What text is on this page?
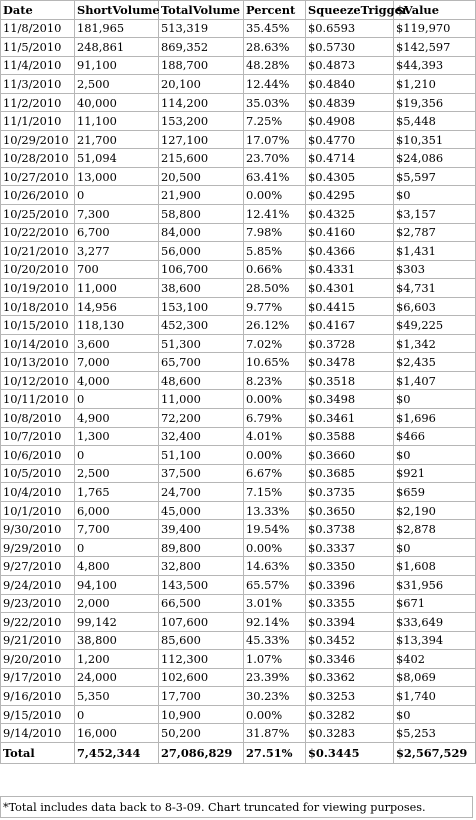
Date	ShortVolume	TotalVolume	Percent	SqueezeTrigger	$Value
11/8/2010	181,965	513,319	35.45%	$0.6593	$119,970
11/5/2010	248,861	869,352	28.63%	$0.5730	$142,597
11/4/2010	91,100	188,700	48.28%	$0.4873	$44,393
11/3/2010	2,500	20,100	12.44%	$0.4840	$1,210
11/2/2010	40,000	114,200	35.03%	$0.4839	$19,356
11/1/2010	11,100	153,200	7.25%	$0.4908	$5,448
10/29/2010	21,700	127,100	17.07%	$0.4770	$10,351
10/28/2010	51,094	215,600	23.70%	$0.4714	$24,086
10/27/2010	13,000	20,500	63.41%	$0.4305	$5,597
10/26/2010	0	21,900	0.00%	$0.4295	$0
10/25/2010	7,300	58,800	12.41%	$0.4325	$3,157
10/22/2010	6,700	84,000	7.98%	$0.4160	$2,787
10/21/2010	3,277	56,000	5.85%	$0.4366	$1,431
10/20/2010	700	106,700	0.66%	$0.4331	$303
10/19/2010	11,000	38,600	28.50%	$0.4301	$4,731
10/18/2010	14,956	153,100	9.77%	$0.4415	$6,603
10/15/2010	118,130	452,300	26.12%	$0.4167	$49,225
10/14/2010	3,600	51,300	7.02%	$0.3728	$1,342
10/13/2010	7,000	65,700	10.65%	$0.3478	$2,435
10/12/2010	4,000	48,600	8.23%	$0.3518	$1,407
10/11/2010	0	11,000	0.00%	$0.3498	$0
10/8/2010	4,900	72,200	6.79%	$0.3461	$1,696
10/7/2010	1,300	32,400	4.01%	$0.3588	$466
10/6/2010	0	51,100	0.00%	$0.3660	$0
10/5/2010	2,500	37,500	6.67%	$0.3685	$921
10/4/2010	1,765	24,700	7.15%	$0.3735	$659
10/1/2010	6,000	45,000	13.33%	$0.3650	$2,190
9/30/2010	7,700	39,400	19.54%	$0.3738	$2,878
9/29/2010	0	89,800	0.00%	$0.3337	$0
9/27/2010	4,800	32,800	14.63%	$0.3350	$1,608
9/24/2010	94,100	143,500	65.57%	$0.3396	$31,956
9/23/2010	2,000	66,500	3.01%	$0.3355	$671
9/22/2010	99,142	107,600	92.14%	$0.3394	$33,649
9/21/2010	38,800	85,600	45.33%	$0.3452	$13,394
9/20/2010	1,200	112,300	1.07%	$0.3346	$402
9/17/2010	24,000	102,600	23.39%	$0.3362	$8,069
9/16/2010	5,350	17,700	30.23%	$0.3253	$1,740
9/15/2010	0	10,900	0.00%	$0.3282	$0
9/14/2010	16,000	50,200	31.87%	$0.3283	$5,253
Total	7,452,344	27,086,829	27.51%	$0.3445	$2,567,529
*Total includes data back to 8-3-09. Chart truncated for viewing purposes.
